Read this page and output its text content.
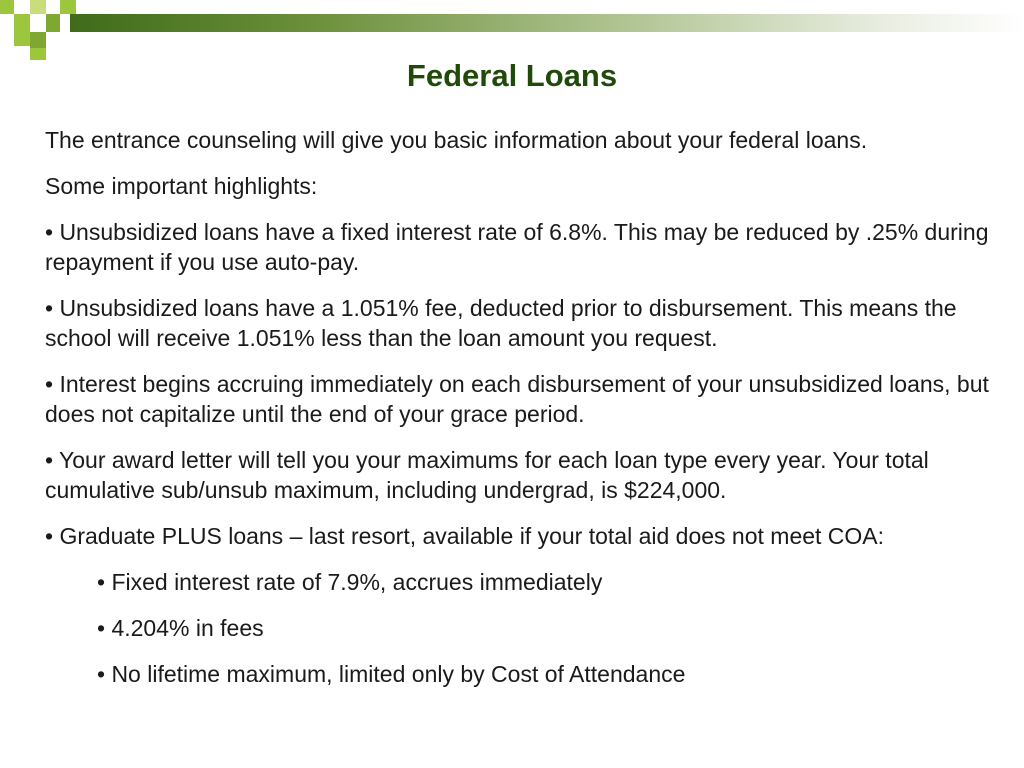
Federal Loans

The entrance counseling will give you basic information about your federal loans.

Some important highlights:

• Unsubsidized loans have a fixed interest rate of 6.8%. This may be reduced by .25% during repayment if you use auto-pay.

• Unsubsidized loans have a 1.051% fee, deducted prior to disbursement. This means the school will receive 1.051% less than the loan amount you request.

• Interest begins accruing immediately on each disbursement of your unsubsidized loans, but does not capitalize until the end of your grace period.

• Your award letter will tell you your maximums for each loan type every year. Your total cumulative sub/unsub maximum, including undergrad, is $224,000.

• Graduate PLUS loans – last resort, available if your total aid does not meet COA:

• Fixed interest rate of 7.9%, accrues immediately

• 4.204% in fees

• No lifetime maximum, limited only by Cost of Attendance
